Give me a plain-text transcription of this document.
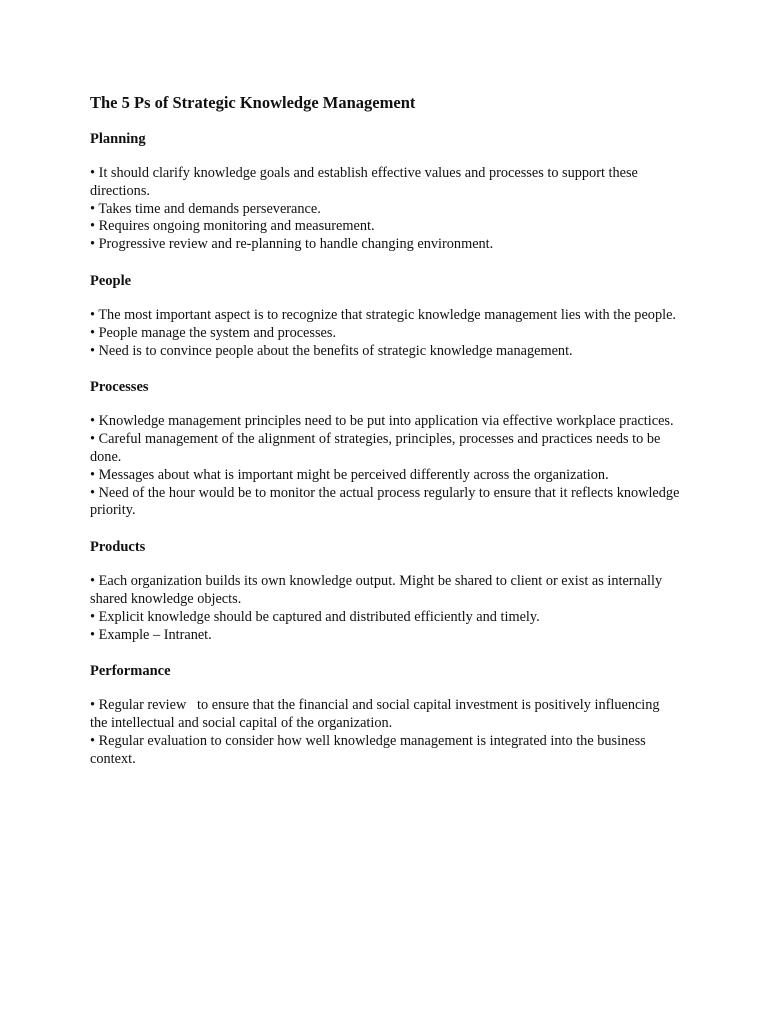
The 5 Ps of Strategic Knowledge Management
Planning
• It should clarify knowledge goals and establish effective values and processes to support these directions.
• Takes time and demands perseverance.
• Requires ongoing monitoring and measurement.
• Progressive review and re-planning to handle changing environment.
People
• The most important aspect is to recognize that strategic knowledge management lies with the people.
• People manage the system and processes.
• Need is to convince people about the benefits of strategic knowledge management.
Processes
• Knowledge management principles need to be put into application via effective workplace practices.
• Careful management of the alignment of strategies, principles, processes and practices needs to be done.
• Messages about what is important might be perceived differently across the organization.
• Need of the hour would be to monitor the actual process regularly to ensure that it reflects knowledge priority.
Products
• Each organization builds its own knowledge output. Might be shared to client or exist as internally shared knowledge objects.
• Explicit knowledge should be captured and distributed efficiently and timely.
• Example – Intranet.
Performance
• Regular review   to ensure that the financial and social capital investment is positively influencing the intellectual and social capital of the organization.
• Regular evaluation to consider how well knowledge management is integrated into the business context.
